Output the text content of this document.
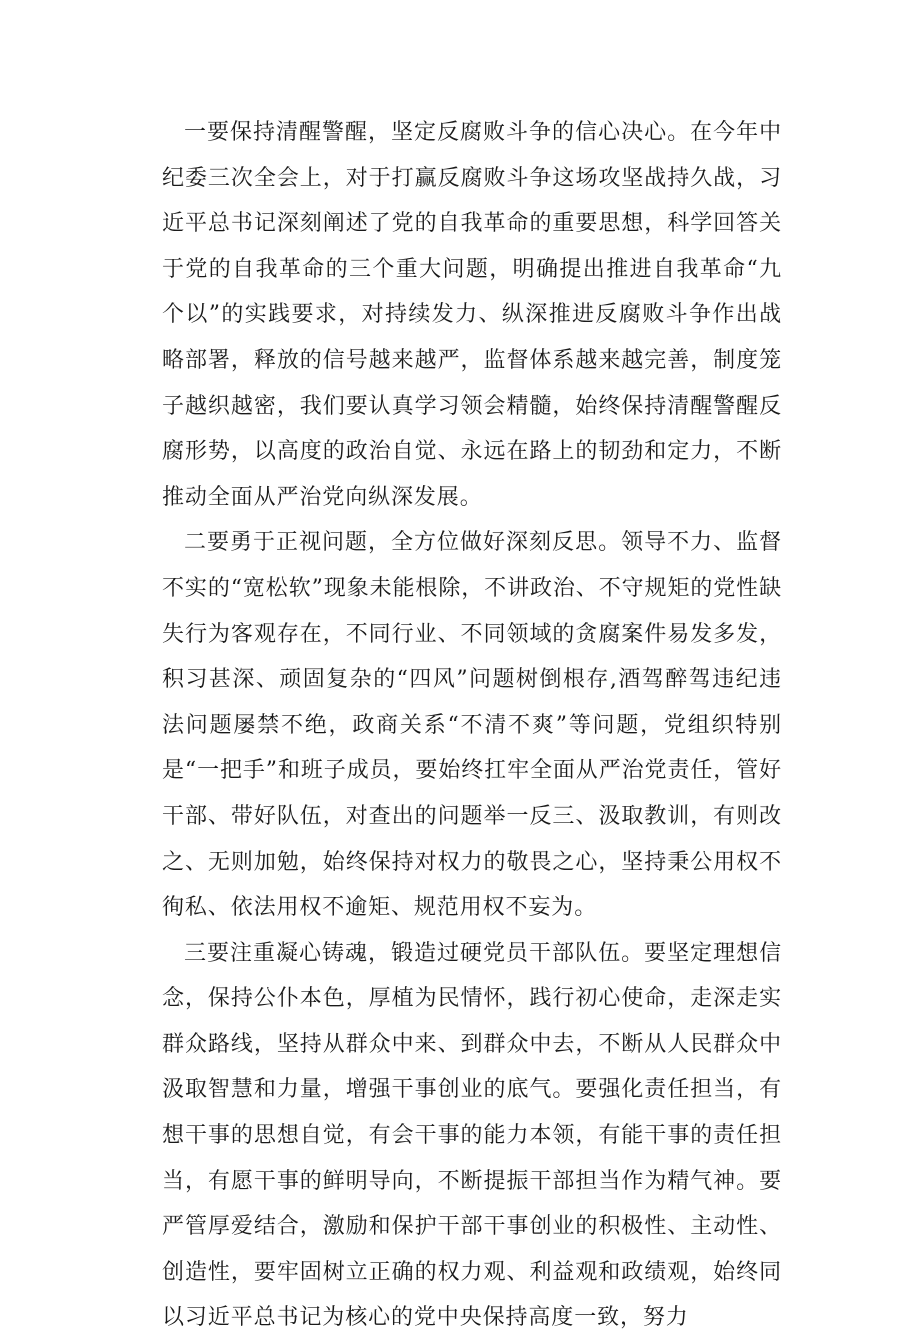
一要保持清醒警醒，坚定反腐败斗争的信心决心。在今年中纪委三次全会上，对于打赢反腐败斗争这场攻坚战持久战，习近平总书记深刻阐述了党的自我革命的重要思想，科学回答关于党的自我革命的三个重大问题，明确提出推进自我革命“九个以”的实践要求，对持续发力、纵深推进反腐败斗争作出战略部署，释放的信号越来越严，监督体系越来越完善，制度笼子越织越密，我们要认真学习领会精髓，始终保持清醒警醒反腐形势，以高度的政治自觉、永远在路上的韧劲和定力，不断推动全面从严治党向纵深发展。

二要勇于正视问题，全方位做好深刻反思。领导不力、监督不实的“宽松软”现象未能根除，不讲政治、不守规矩的党性缺失行为客观存在，不同行业、不同领域的贪腐案件易发多发，积习甚深、顽固复杂的“四风”问题树倒根存,酒驾醉驾违纪违法问题屡禁不绝，政商关系“不清不爽”等问题，党组织特别是“一把手”和班子成员，要始终扛牢全面从严治党责任，管好干部、带好队伍，对查出的问题举一反三、汲取教训，有则改之、无则加勉，始终保持对权力的敬畏之心，坚持秉公用权不徇私、依法用权不逾矩、规范用权不妄为。

三要注重凝心铸魂，锻造过硬党员干部队伍。要坚定理想信念，保持公仆本色，厚植为民情怀，践行初心使命，走深走实群众路线，坚持从群众中来、到群众中去，不断从人民群众中汲取智慧和力量，增强干事创业的底气。要强化责任担当，有想干事的思想自觉，有会干事的能力本领，有能干事的责任担当，有愿干事的鲜明导向，不断提振干部担当作为精气神。要严管厚爱结合，激励和保护干部干事创业的积极性、主动性、创造性，要牢固树立正确的权力观、利益观和政绩观，始终同以习近平总书记为核心的党中央保持高度一致，努力
